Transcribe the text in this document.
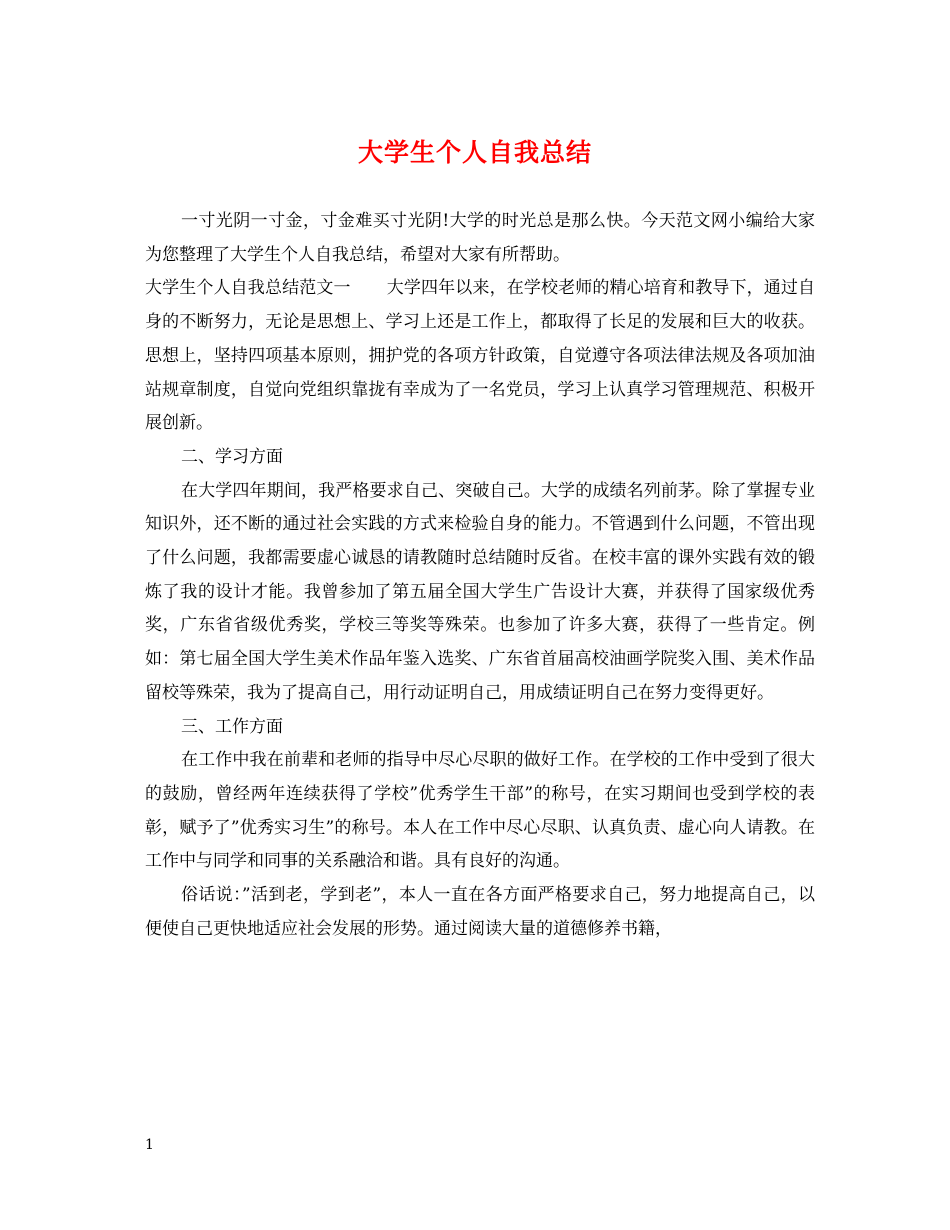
大学生个人自我总结

一寸光阴一寸金，寸金难买寸光阴!大学的时光总是那么快。今天范文网小编给大家为您整理了大学生个人自我总结，希望对大家有所帮助。

大学生个人自我总结范文一 大学四年以来，在学校老师的精心培育和教导下，通过自身的不断努力，无论是思想上、学习上还是工作上，都取得了长足的发展和巨大的收获。思想上，坚持四项基本原则，拥护党的各项方针政策，自觉遵守各项法律法规及各项加油站规章制度，自觉向党组织靠拢有幸成为了一名党员，学习上认真学习管理规范、积极开展创新。

二、学习方面

在大学四年期间，我严格要求自己、突破自己。大学的成绩名列前茅。除了掌握专业知识外，还不断的通过社会实践的方式来检验自身的能力。不管遇到什么问题，不管出现了什么问题，我都需要虚心诚恳的请教随时总结随时反省。在校丰富的课外实践有效的锻炼了我的设计才能。我曾参加了第五届全国大学生广告设计大赛，并获得了国家级优秀奖，广东省省级优秀奖，学校三等奖等殊荣。也参加了许多大赛，获得了一些肯定。例如：第七届全国大学生美术作品年鉴入选奖、广东省首届高校油画学院奖入围、美术作品留校等殊荣，我为了提高自己，用行动证明自己，用成绩证明自己在努力变得更好。

三、工作方面

在工作中我在前辈和老师的指导中尽心尽职的做好工作。在学校的工作中受到了很大的鼓励，曾经两年连续获得了学校”优秀学生干部”的称号，在实习期间也受到学校的表彰，赋予了”优秀实习生”的称号。本人在工作中尽心尽职、认真负责、虚心向人请教。在工作中与同学和同事的关系融洽和谐。具有良好的沟通。

俗话说：”活到老，学到老”，本人一直在各方面严格要求自己，努力地提高自己，以便使自己更快地适应社会发展的形势。通过阅读大量的道德修养书籍，

1
